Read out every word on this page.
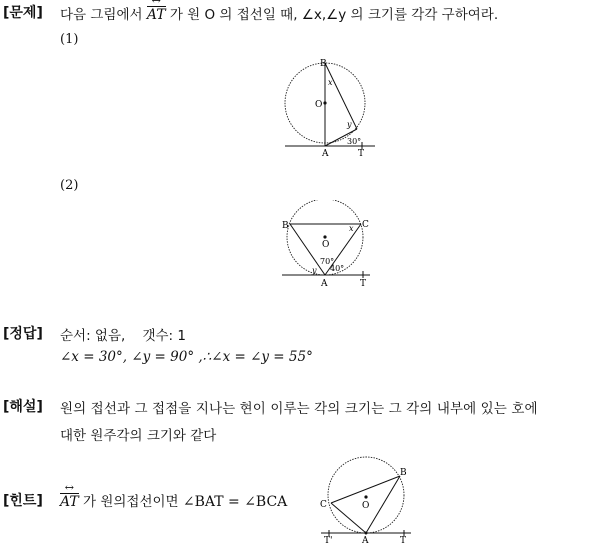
[문제] 다음 그림에서 AT ↔ 가 원 O 의 접선일 때, ∠x,∠y 의 크기를 각각 구하여라.
(1)
B
O
A	T
x
y
30°
(2)
B	C
O
A	T
x
y
70°
40°
[정답] 순서: 없음,    갯수: 1
∠x = 30°, ∠y = 90° ,∴∠x = ∠y = 55°
[해설] 원의 접선과 그 접점을 지나는 현이 이루는 각의 크기는 그 각의 내부에 있는 호에
대한 원주각의 크기와 같다
[힌트] AT ↔ 가 원의접선이면 ∠BAT = ∠BCA
B
C	O
A
T'	T
